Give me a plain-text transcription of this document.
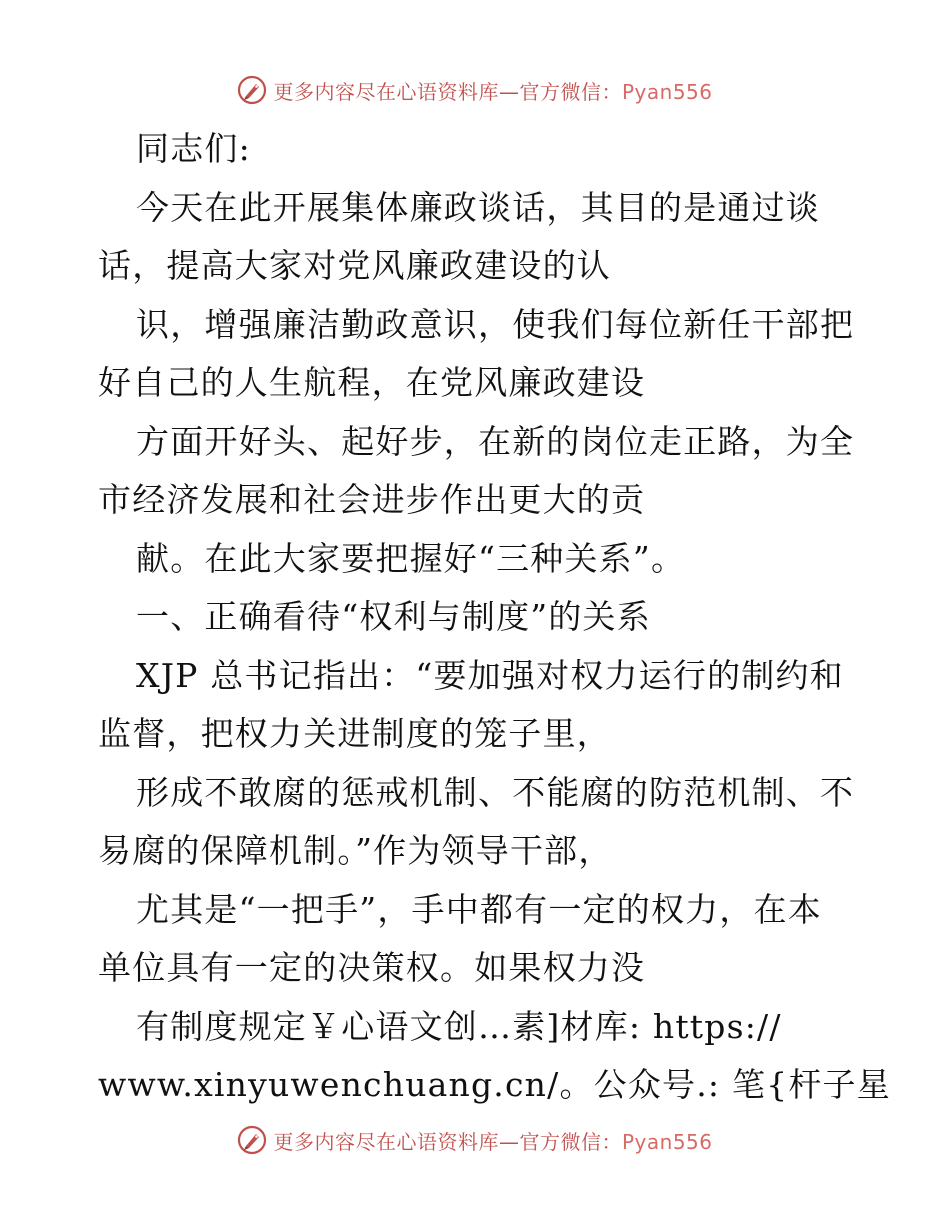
更多内容尽在心语资料库—官方微信：Pyan556
同志们:
今天在此开展集体廉政谈话，其目的是通过谈
话，提高大家对党风廉政建设的认
识，增强廉洁勤政意识，使我们每位新任干部把
好自己的人生航程，在党风廉政建设
方面开好头、起好步，在新的岗位走正路，为全
市经济发展和社会进步作出更大的贡
献。在此大家要把握好“三种关系”。
一、正确看待“权利与制度”的关系
XJP 总书记指出：“要加强对权力运行的制约和
监督，把权力关进制度的笼子里，
形成不敢腐的惩戒机制、不能腐的防范机制、不
易腐的保障机制。”作为领导干部，
尤其是“一把手”，手中都有一定的权力，在本
单位具有一定的决策权。如果权力没
有制度规定￥心语文创…素]材库: https://
www.xinyuwenchuang.cn/。公众号.: 笔{杆子星
更多内容尽在心语资料库—官方微信：Pyan556
